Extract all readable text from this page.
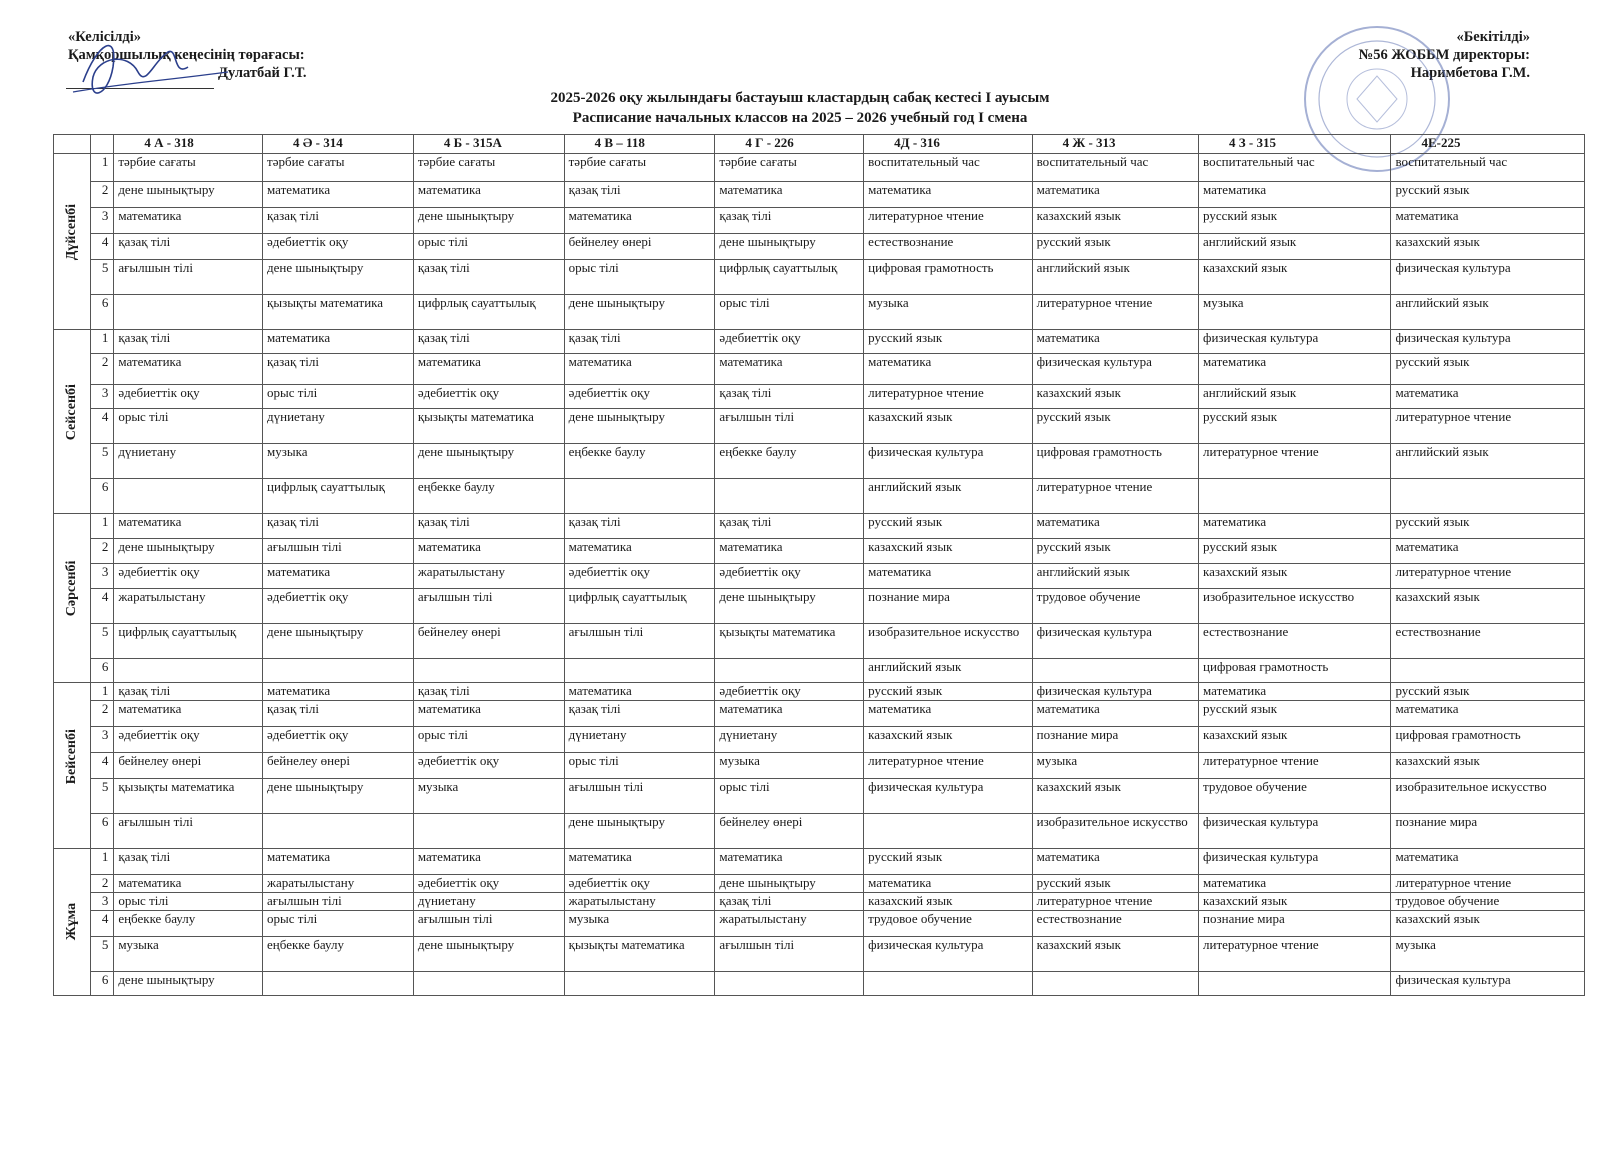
«Келісілді»
Қамқоршылық кеңесінің төрағасы:
Дулатбай Г.Т.
«Бекітілді»
№56 ЖОББМ директоры:
Наримбетова Г.М.
2025-2026 оқу жылындағы бастауыш кластардың сабақ кестесі І ауысым
Расписание начальных классов на 2025 – 2026 учебный год І смена
		4 А - 318	4 Ә - 314	4 Б - 315А	4 В – 118	4 Г - 226	4Д - 316	4 Ж - 313	4 З - 315	4Е-225

Дүйсенбі	1	тәрбие сағаты	тәрбие сағаты	тәрбие сағаты	тәрбие сағаты	тәрбие сағаты	воспитательный час	воспитательный час	воспитательный час	воспитательный час
	2	дене шынықтыру	математика	математика	қазақ тілі	математика	математика	математика	математика	русский язык
	3	математика	қазақ тілі	дене шынықтыру	математика	қазақ тілі	литературное чтение	казахский язык	русский язык	математика
	4	қазақ тілі	әдебиеттік оқу	орыс тілі	бейнелеу өнері	дене шынықтыру	естествознание	русский язык	английский язык	казахский язык
	5	ағылшын тілі	дене шынықтыру	қазақ тілі	орыс тілі	цифрлық сауаттылық	цифровая грамотность	английский язык	казахский язык	физическая культура
	6		қызықты математика	цифрлық сауаттылық	дене шынықтыру	орыс тілі	музыка	литературное чтение	музыка	английский язык

Сейсенбі	1	қазақ тілі	математика	қазақ тілі	қазақ тілі	әдебиеттік оқу	русский язык	математика	физическая культура	физическая культура
	2	математика	қазақ тілі	математика	математика	математика	математика	физическая культура	математика	русский язык
	3	әдебиеттік оқу	орыс тілі	әдебиеттік оқу	әдебиеттік оқу	қазақ тілі	литературное чтение	казахский язык	английский язык	математика
	4	орыс тілі	дүниетану	қызықты математика	дене шынықтыру	ағылшын тілі	казахский язык	русский язык	русский язык	литературное чтение
	5	дүниетану	музыка	дене шынықтыру	еңбекке баулу	еңбекке баулу	физическая культура	цифровая грамотность	литературное чтение	английский язык
	6		цифрлық сауаттылық	еңбекке баулу			английский язык	литературное чтение		

Сәрсенбі	1	математика	қазақ тілі	қазақ тілі	қазақ тілі	қазақ тілі	русский язык	математика	математика	русский язык
	2	дене шынықтыру	ағылшын тілі	математика	математика	математика	казахский язык	русский язык	русский язык	математика
	3	әдебиеттік оқу	математика	жаратылыстану	әдебиеттік оқу	әдебиеттік оқу	математика	английский язык	казахский язык	литературное чтение
	4	жаратылыстану	әдебиеттік оқу	ағылшын тілі	цифрлық сауаттылық	дене шынықтыру	познание мира	трудовое обучение	изобразительное искусство	казахский язык
	5	цифрлық сауаттылық	дене шынықтыру	бейнелеу өнері	ағылшын тілі	қызықты математика	изобразительное искусство	физическая культура	естествознание	естествознание
	6						английский язык		цифровая грамотность	

Бейсенбі	1	қазақ тілі	математика	қазақ тілі	математика	әдебиеттік оқу	русский язык	физическая культура	математика	русский язык
	2	математика	қазақ тілі	математика	қазақ тілі	математика	математика	математика	русский язык	математика
	3	әдебиеттік оқу	әдебиеттік оқу	орыс тілі	дүниетану	дүниетану	казахский язык	познание мира	казахский язык	цифровая грамотность
	4	бейнелеу өнері	бейнелеу өнері	әдебиеттік оқу	орыс тілі	музыка	литературное чтение	музыка	литературное чтение	казахский язык
	5	қызықты математика	дене шынықтыру	музыка	ағылшын тілі	орыс тілі	физическая культура	казахский язык	трудовое обучение	изобразительное искусство
	6	ағылшын тілі			дене шынықтыру	бейнелеу өнері		изобразительное искусство	физическая культура	познание мира

Жұма	1	қазақ тілі	математика	математика	математика	математика	русский язык	математика	физическая культура	математика
	2	математика	жаратылыстану	әдебиеттік оқу	әдебиеттік оқу	дене шынықтыру	математика	русский язык	математика	литературное чтение
	3	орыс тілі	ағылшын тілі	дүниетану	жаратылыстану	қазақ тілі	казахский язык	литературное чтение	казахский язык	трудовое обучение
	4	еңбекке баулу	орыс тілі	ағылшын тілі	музыка	жаратылыстану	трудовое обучение	естествознание	познание мира	казахский язык
	5	музыка	еңбекке баулу	дене шынықтыру	қызықты математика	ағылшын тілі	физическая культура	казахский язык	литературное чтение	музыка
	6	дене шынықтыру								физическая культура
